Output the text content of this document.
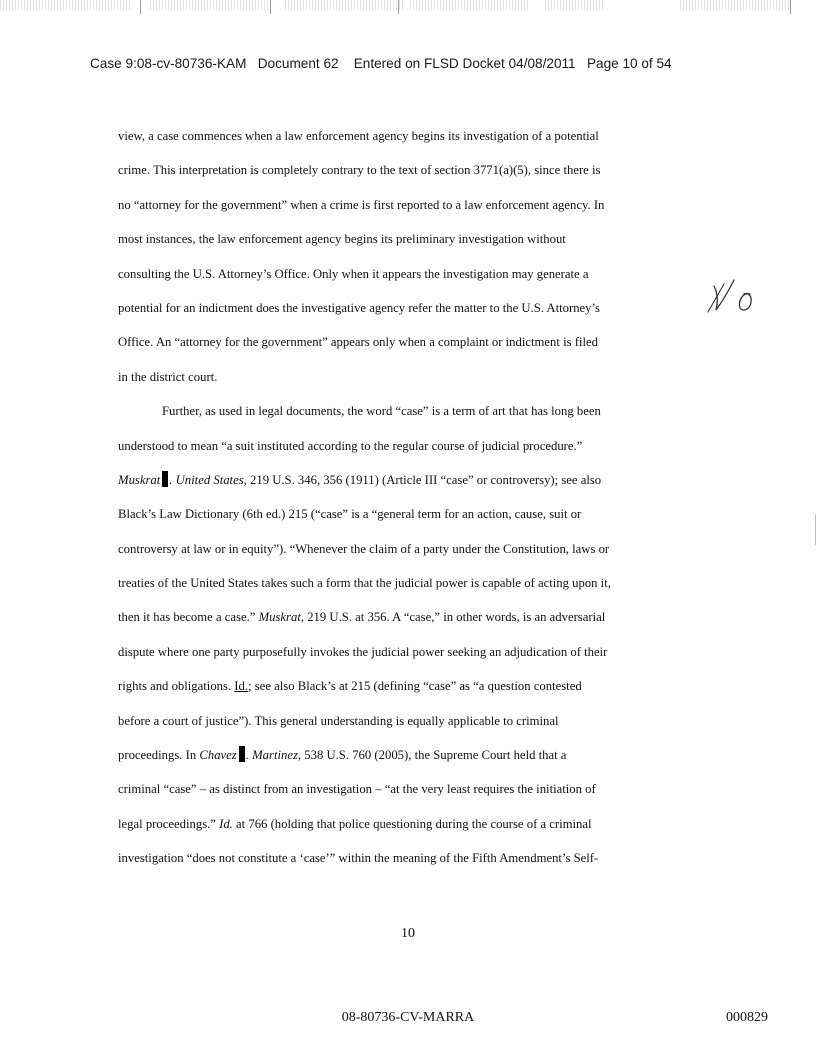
Case 9:08-cv-80736-KAM   Document 62    Entered on FLSD Docket 04/08/2011   Page 10 of 54
view, a case commences when a law enforcement agency begins its investigation of a potential
crime. This interpretation is completely contrary to the text of section 3771(a)(5), since there is
no “attorney for the government” when a crime is first reported to a law enforcement agency. In
most instances, the law enforcement agency begins its preliminary investigation without
consulting the U.S. Attorney’s Office. Only when it appears the investigation may generate a
potential for an indictment does the investigative agency refer the matter to the U.S. Attorney’s
Office. An “attorney for the government” appears only when a complaint or indictment is filed
in the district court.
Further, as used in legal documents, the word “case” is a term of art that has long been
understood to mean “a suit instituted according to the regular course of judicial procedure.”
Muskrat . United States, 219 U.S. 346, 356 (1911) (Article III “case” or controversy); see also
Black’s Law Dictionary (6th ed.) 215 (“case” is a “general term for an action, cause, suit or
controversy at law or in equity”). “Whenever the claim of a party under the Constitution, laws or
treaties of the United States takes such a form that the judicial power is capable of acting upon it,
then it has become a case.” Muskrat, 219 U.S. at 356. A “case,” in other words, is an adversarial
dispute where one party purposefully invokes the judicial power seeking an adjudication of their
rights and obligations. Id.; see also Black’s at 215 (defining “case” as “a question contested
before a court of justice”). This general understanding is equally applicable to criminal
proceedings. In Chavez . Martinez, 538 U.S. 760 (2005), the Supreme Court held that a
criminal “case” – as distinct from an investigation – “at the very least requires the initiation of
legal proceedings.” Id. at 766 (holding that police questioning during the course of a criminal
investigation “does not constitute a ‘case’” within the meaning of the Fifth Amendment’s Self-
10
08-80736-CV-MARRA	000829
